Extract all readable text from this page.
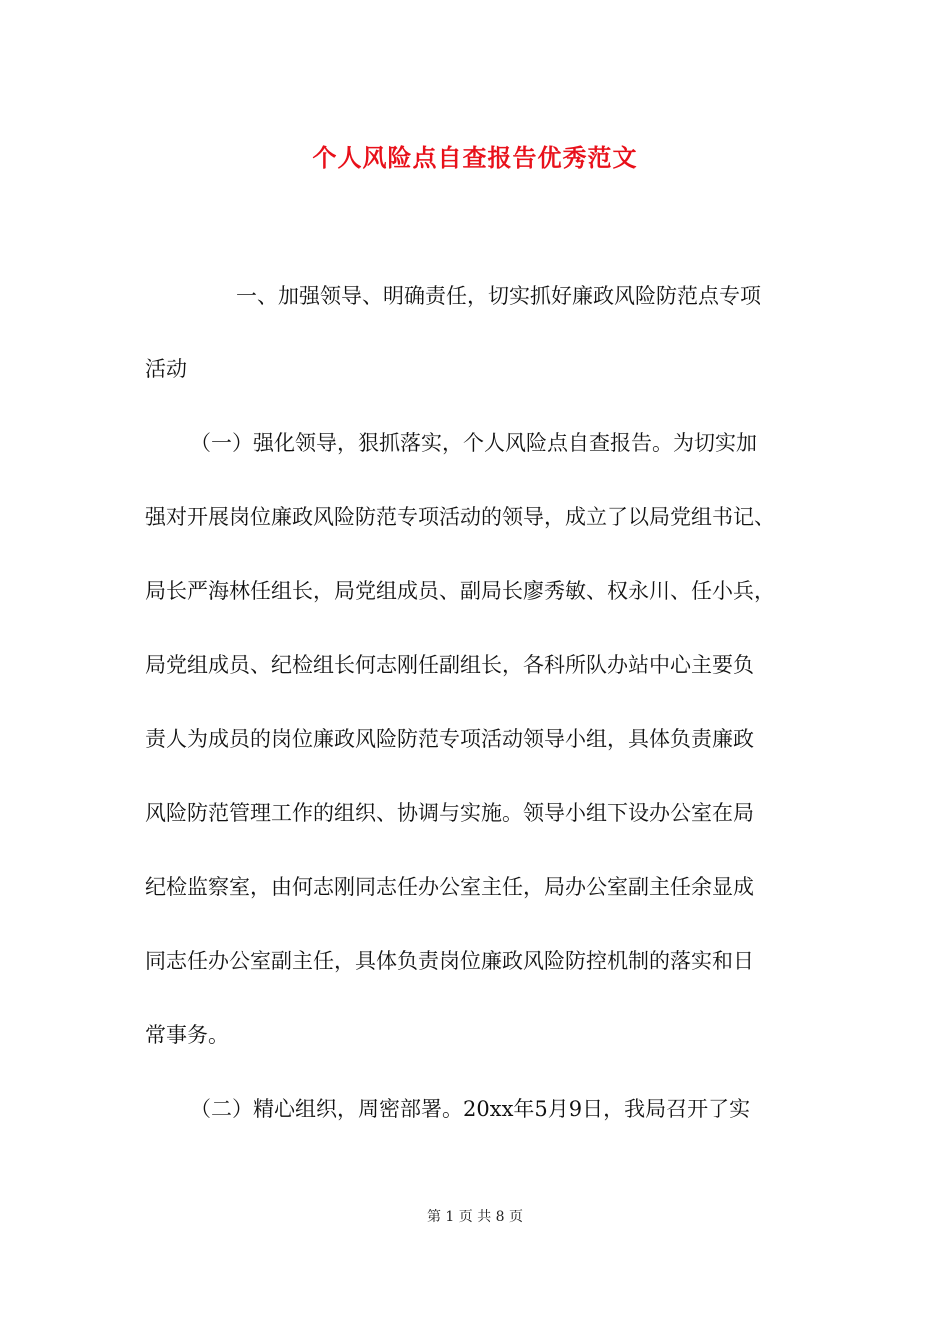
个人风险点自查报告优秀范文

一、加强领导、明确责任，切实抓好廉政风险防范点专项

活动

（一）强化领导，狠抓落实，个人风险点自查报告。为切实加

强对开展岗位廉政风险防范专项活动的领导，成立了以局党组书记、

局长严海林任组长，局党组成员、副局长廖秀敏、权永川、任小兵，

局党组成员、纪检组长何志刚任副组长，各科所队办站中心主要负

责人为成员的岗位廉政风险防范专项活动领导小组，具体负责廉政

风险防范管理工作的组织、协调与实施。领导小组下设办公室在局

纪检监察室，由何志刚同志任办公室主任，局办公室副主任余显成

同志任办公室副主任，具体负责岗位廉政风险防控机制的落实和日

常事务。

（二）精心组织，周密部署。20xx年5月9日，我局召开了实

第 1 页 共 8 页
